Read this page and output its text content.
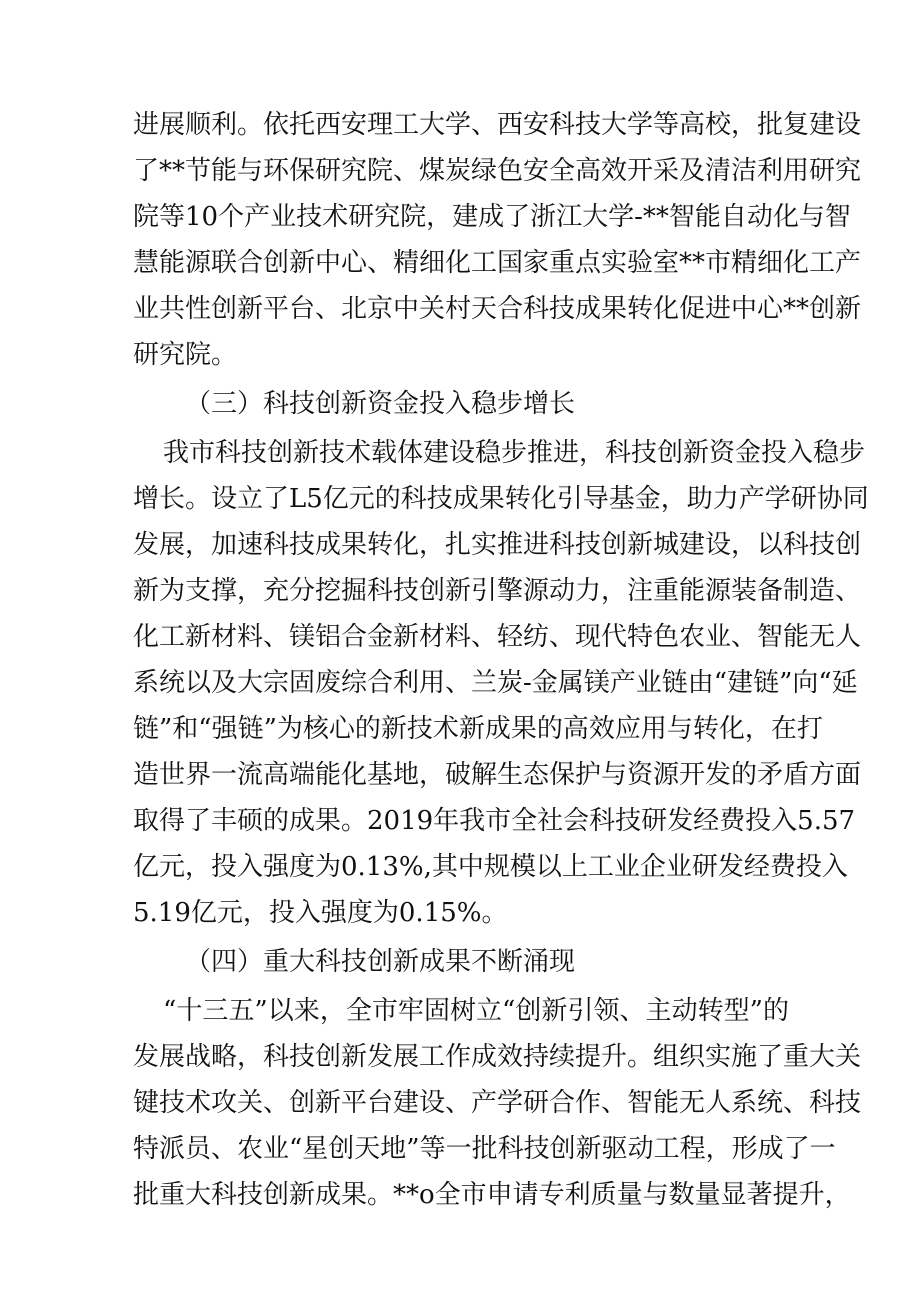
进展顺利。依托西安理工大学、西安科技大学等高校，批复建设
了**节能与环保研究院、煤炭绿色安全高效开采及清洁利用研究
院等10个产业技术研究院，建成了浙江大学-**智能自动化与智
慧能源联合创新中心、精细化工国家重点实验室**市精细化工产
业共性创新平台、北京中关村天合科技成果转化促进中心**创新
研究院。
（三）科技创新资金投入稳步增长
我市科技创新技术载体建设稳步推进，科技创新资金投入稳步
增长。设立了L5亿元的科技成果转化引导基金，助力产学研协同
发展，加速科技成果转化，扎实推进科技创新城建设，以科技创
新为支撑，充分挖掘科技创新引擎源动力，注重能源装备制造、
化工新材料、镁铝合金新材料、轻纺、现代特色农业、智能无人
系统以及大宗固废综合利用、兰炭-金属镁产业链由“建链”向“延
链”和“强链”为核心的新技术新成果的高效应用与转化，在打
造世界一流高端能化基地，破解生态保护与资源开发的矛盾方面
取得了丰硕的成果。2019年我市全社会科技研发经费投入5.57
亿元，投入强度为0.13%,其中规模以上工业企业研发经费投入
5.19亿元，投入强度为0.15%。
（四）重大科技创新成果不断涌现
“十三五”以来，全市牢固树立“创新引领、主动转型”的
发展战略，科技创新发展工作成效持续提升。组织实施了重大关
键技术攻关、创新平台建设、产学研合作、智能无人系统、科技
特派员、农业“星创天地”等一批科技创新驱动工程，形成了一
批重大科技创新成果。**o全市申请专利质量与数量显著提升，
